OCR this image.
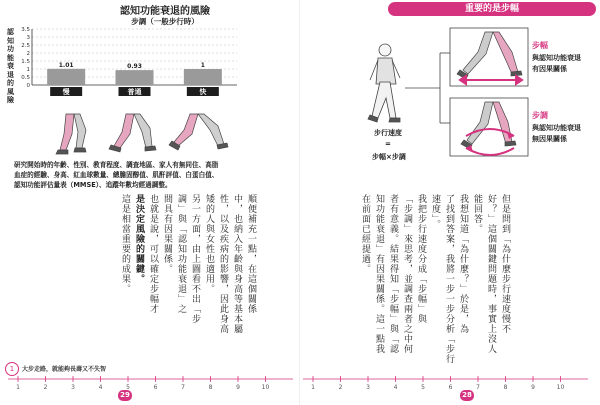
認知功能衰退的風險
步調（一般步行時）
認知功能衰退的風險
0
0.5
1
1.5
2
2.5
3
3.5
1.01
慢
0.93
普通
1
快
研究開始時的年齡、性別、教育程度、調查地區、家人有無同住、高脂
血症的經驗、身高、紅血球數量、總膽固醇值、肌酐評值、白蛋白值、
認知功能評估量表（MMSE）、追蹤年數均經過調整。
順便補充一點，在這個關係
中，也納入年齡與身高等基本屬
性，以及疾病的影響，因此身高
矮的人與女性也適用。
另一方面，由上圖看不出「步
調」與「認知功能衰退」之
間具有因果關係。
也就是說，可以確定步幅才
是決定風險的關鍵。
這是相當重要的成果。
1	大步走路，就能夠長壽又不失智
1	2	3	4	5	6	7	8	9	10
29
重要的是步幅
步行速度
=
步幅×步調
步幅
與認知功能衰退
有因果關係
步調
與認知功能衰退
無因果關係
但是問到「為什麼步行速度慢不
好？」這個關鍵問題時，事實上沒人
能回答。
我想知道「為什麼？」於是，為
了找到答案，我將一步一步分析「步行
速度」。
我把步行速度分成「步幅」與
「步調」來思考，並調查兩者之中何
者有意義。結果得知「步幅」與「認
知功能衰退」有因果關係。這一點我
在前面已經提過。
1	2	3	4	5	6	7	8	9	10
28
